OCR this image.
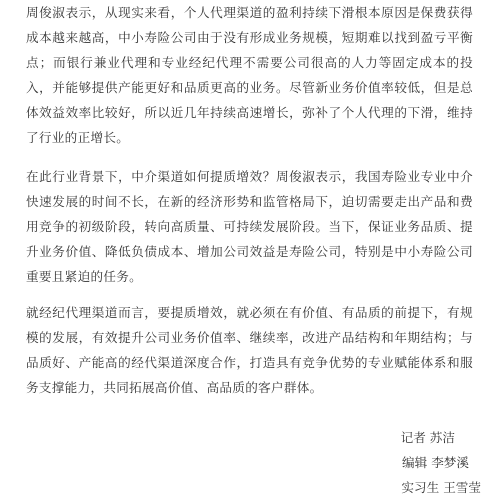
周俊淑表示，从现实来看，个人代理渠道的盈利持续下滑根本原因是保费获得成本越来越高，中小寿险公司由于没有形成业务规模，短期难以找到盈亏平衡点；而银行兼业代理和专业经纪代理不需要公司很高的人力等固定成本的投入，并能够提供产能更好和品质更高的业务。尽管新业务价值率较低，但是总体效益效率比较好，所以近几年持续高速增长，弥补了个人代理的下滑，维持了行业的正增长。

在此行业背景下，中介渠道如何提质增效？周俊淑表示，我国寿险业专业中介快速发展的时间不长，在新的经济形势和监管格局下，迫切需要走出产品和费用竞争的初级阶段，转向高质量、可持续发展阶段。当下，保证业务品质、提升业务价值、降低负债成本、增加公司效益是寿险公司，特别是中小寿险公司重要且紧迫的任务。

就经纪代理渠道而言，要提质增效，就必须在有价值、有品质的前提下，有规模的发展，有效提升公司业务价值率、继续率，改进产品结构和年期结构；与品质好、产能高的经代渠道深度合作，打造具有竞争优势的专业赋能体系和服务支撑能力，共同拓展高价值、高品质的客户群体。

记者 苏洁
编辑 李梦溪
实习生 王雪莹
